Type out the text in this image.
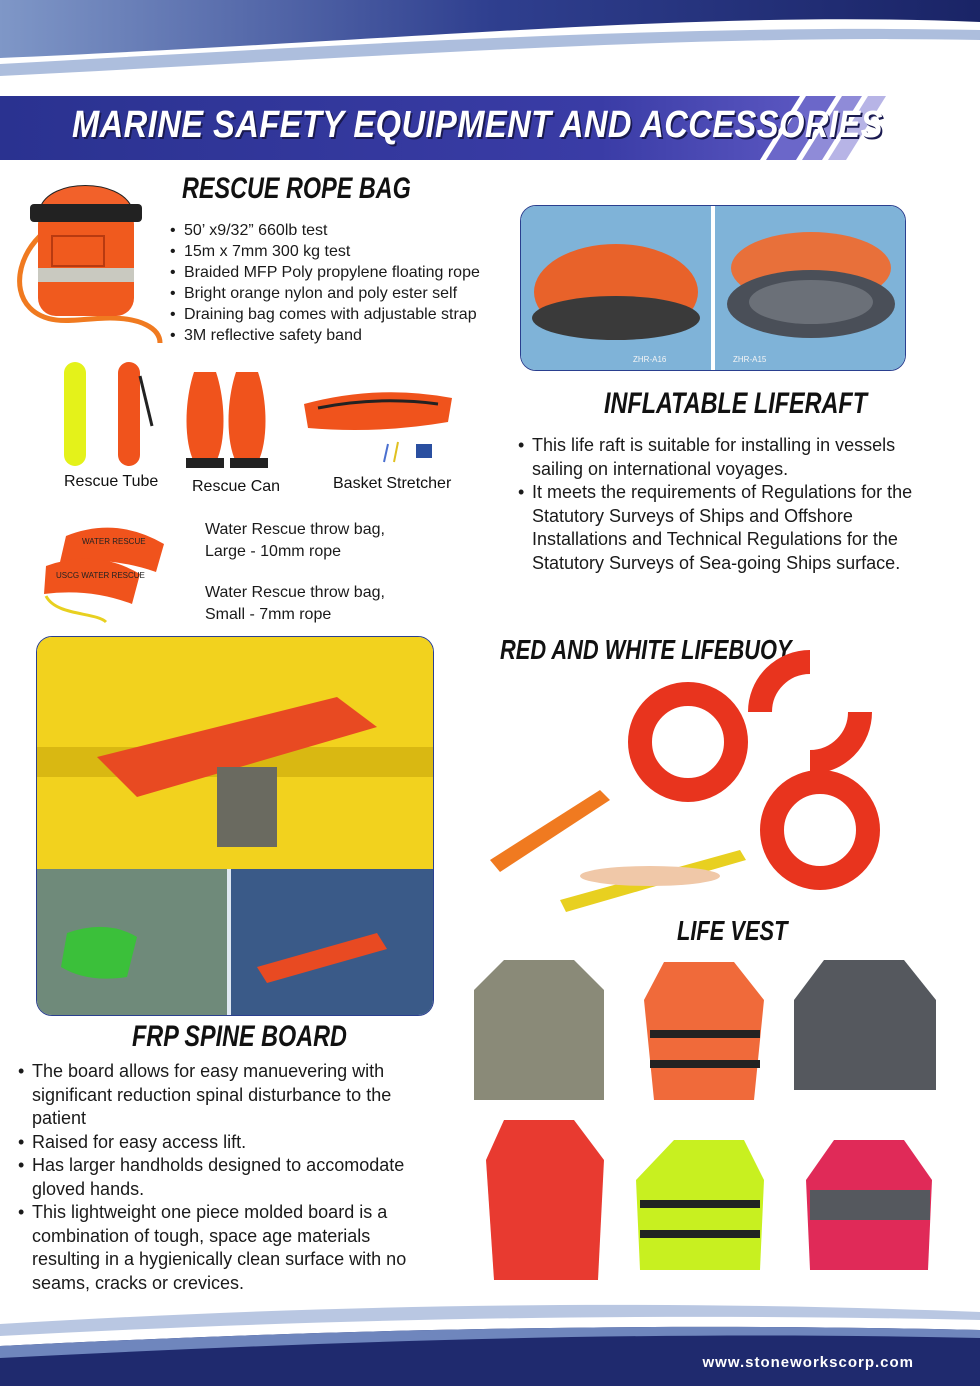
MARINE SAFETY EQUIPMENT AND ACCESSORIES
RESCUE ROPE BAG
• 50’ x9/32” 660lb test
• 15m x 7mm 300 kg test
• Braided MFP Poly propylene floating rope
• Bright orange nylon and poly ester self
• Draining bag comes with adjustable strap
• 3M reflective safety band
Rescue Tube Rescue Can	Basket Stretcher
WATER RESCUE
USCG WATER RESCUE
Water Rescue throw bag,
Large - 10mm rope
Water Rescue throw bag,
Small - 7mm rope
ZHR-A16	ZHR-A15
INFLATABLE LIFERAFT
• This life raft is suitable for installing in vessels sailing on international voyages.
• It meets the requirements of Regulations for the Statutory Surveys of Ships and Offshore Installations and Technical Regulations for the Statutory Surveys of Sea-going Ships surface.
FRP SPINE BOARD
• The board allows for easy manuevering with significant reduction spinal disturbance to the patient
• Raised for easy access lift.
• Has larger handholds designed to accomodate gloved hands.
• This lightweight one piece molded board is a combination of tough, space age materials resulting in a hygienically clean surface with no seams, cracks or crevices.
RED AND WHITE LIFEBUOY
LIFE VEST
www.stoneworkscorp.com
